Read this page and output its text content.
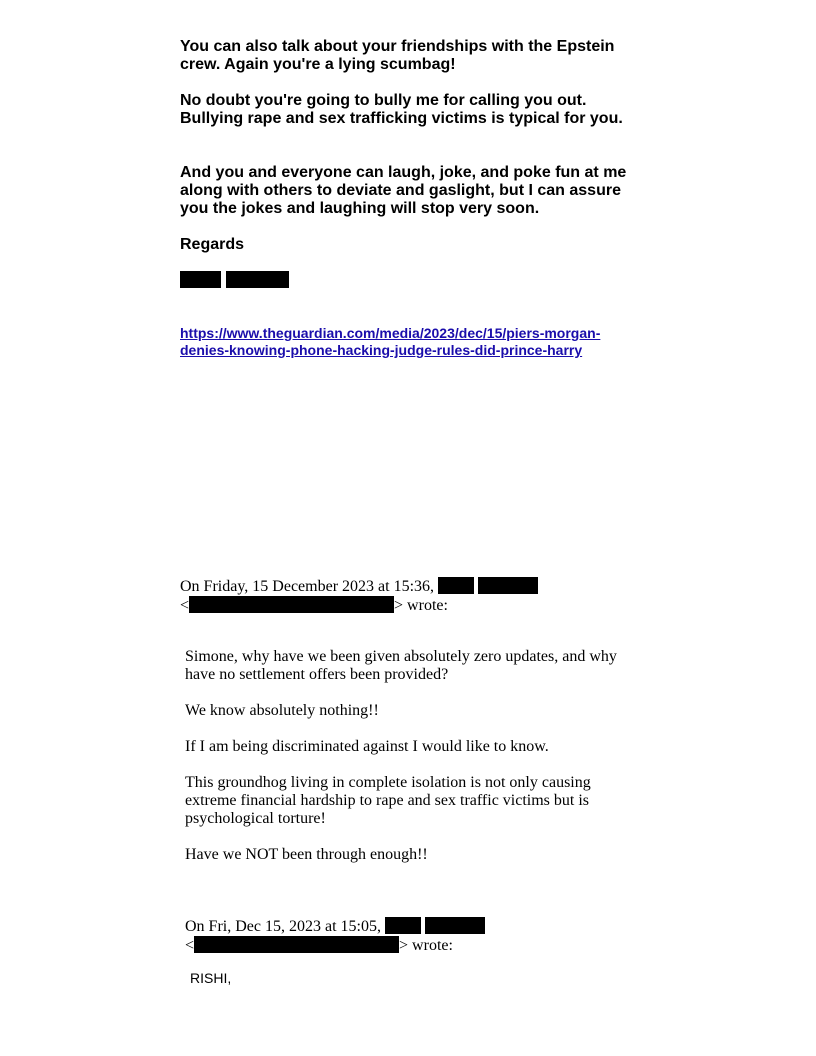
You can also talk about your friendships with the Epstein crew. Again you're a lying scumbag!
No doubt you're going to bully me for calling you out. Bullying rape and sex trafficking victims is typical for you.
And you and everyone can laugh, joke, and poke fun at me along with others to deviate and gaslight, but I can assure you the jokes and laughing will stop very soon.
Regards

https://www.theguardian.com/media/2023/dec/15/piers-morgan-
denies-knowing-phone-hacking-judge-rules-did-prince-harry
On Friday, 15 December 2023 at 15:36,
<	> wrote:
Simone, why have we been given absolutely zero updates, and why have no settlement offers been provided?
We know absolutely nothing!!
If I am being discriminated against I would like to know.
This groundhog living in complete isolation is not only causing extreme financial hardship to rape and sex traffic victims but is psychological torture!
Have we NOT been through enough!!
On Fri, Dec 15, 2023 at 15:05,
<	> wrote:
RISHI,
